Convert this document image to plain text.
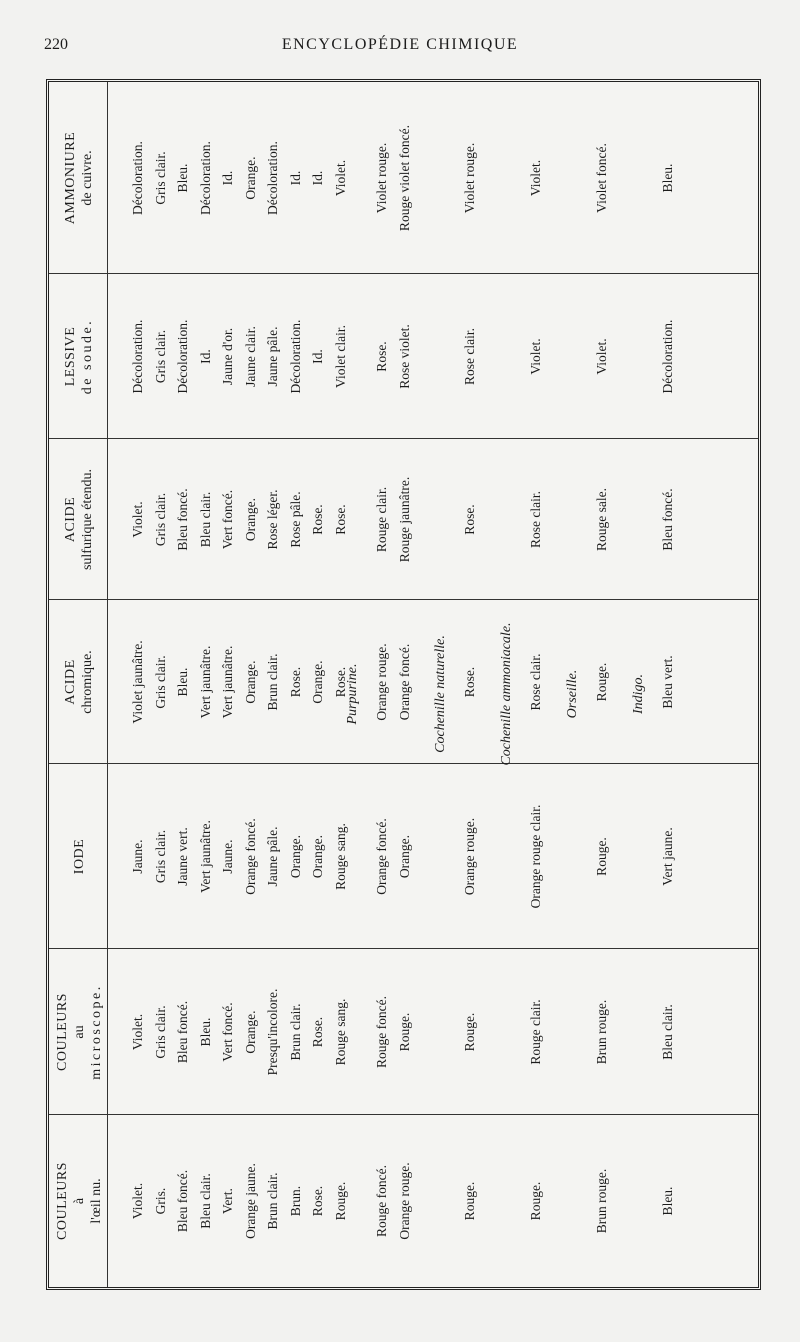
220	ENCYCLOPÉDIE CHIMIQUE
COULEURS à l'œil nu.
COULEURS au microscope.
IODE
ACIDE chromique.
ACIDE sulfurique étendu.
LESSIVE de soude.
AMMONIURE de cuivre.
Violet. Gris. Bleu foncé. Bleu clair. Vert. Orange jaune. Brun clair. Brun. Rose. Rouge.
Violet. Gris clair. Bleu foncé. Bleu. Vert foncé. Orange. Presqu'incolore. Brun clair. Rose. Rouge sang.
Jaune. Gris clair. Jaune vert. Vert jaunâtre. Jaune. Orange foncé. Jaune pâle. Orange. Orange. Rouge sang.
Violet jaunâtre. Gris clair. Bleu. Vert jaunâtre. Vert jaunâtre. Orange. Brun clair. Rose. Orange. Rose.
Violet. Gris clair. Bleu foncé. Bleu clair. Vert foncé. Orange. Rose léger. Rose pâle. Rose. Rose.
Décoloration. Gris clair. Décoloration. Id. Jaune d'or. Jaune clair. Jaune pâle. Décoloration. Id. Violet clair.
Décoloration. Gris clair. Bleu. Décoloration. Id. Orange. Décoloration. Id. Id. Violet.
Purpurine.
Rouge foncé. Orange rouge.
Rouge foncé. Rouge.
Orange foncé. Orange.
Orange rouge. Orange foncé.
Rouge clair. Rouge jaunâtre.
Rose. Rose violet.
Violet rouge. Rouge violet foncé.
Cochenille naturelle.
Rouge.
Rouge.
Orange rouge.
Rose.
Rose.
Rose clair.
Violet rouge.
Cochenille ammoniacale.
Rouge.
Rouge clair.
Orange rouge clair.
Rose clair.
Rose clair.
Violet.
Violet.
Orseille.
Brun rouge.
Brun rouge.
Rouge.
Rouge.
Rouge sale.
Violet.
Violet foncé.
Indigo.
Bleu.
Bleu clair.
Vert jaune.
Bleu vert.
Bleu foncé.
Décoloration.
Bleu.
